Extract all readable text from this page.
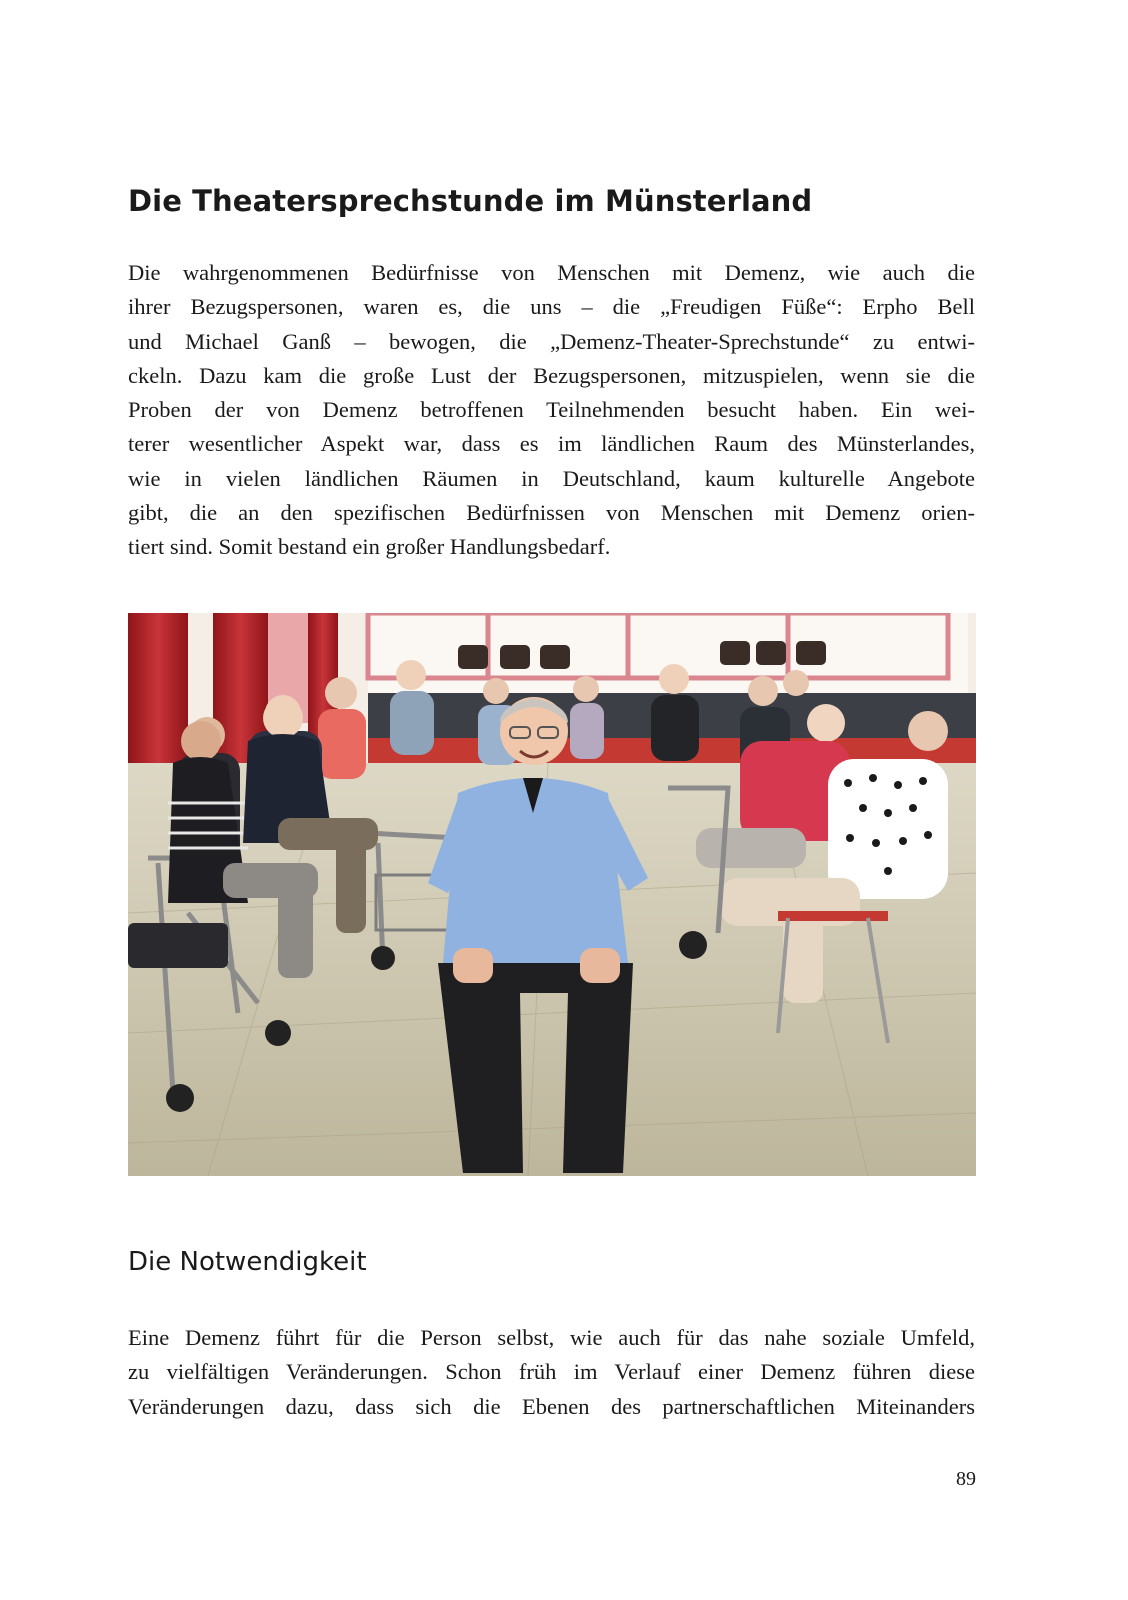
Die Theatersprechstunde im Münsterland

Die wahrgenommenen Bedürfnisse von Menschen mit Demenz, wie auch die
ihrer Bezugspersonen, waren es, die uns – die „Freudigen Füße“: Erpho Bell
und Michael Ganß – bewogen, die „Demenz-Theater-Sprechstunde“ zu entwi-
ckeln. Dazu kam die große Lust der Bezugspersonen, mitzuspielen, wenn sie die
Proben der von Demenz betroffenen Teilnehmenden besucht haben. Ein wei-
terer wesentlicher Aspekt war, dass es im ländlichen Raum des Münsterlandes,
wie in vielen ländlichen Räumen in Deutschland, kaum kulturelle Angebote
gibt, die an den spezifischen Bedürfnissen von Menschen mit Demenz orien-
tiert sind. Somit bestand ein großer Handlungsbedarf.

Die Notwendigkeit

Eine Demenz führt für die Person selbst, wie auch für das nahe soziale Umfeld,
zu vielfältigen Veränderungen. Schon früh im Verlauf einer Demenz führen diese
Veränderungen dazu, dass sich die Ebenen des partnerschaftlichen Miteinanders

89
